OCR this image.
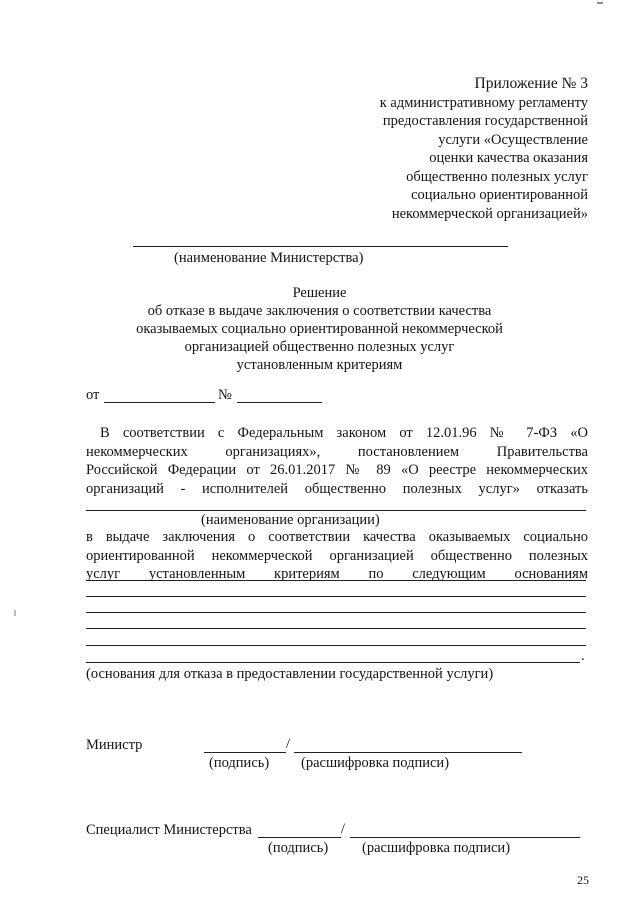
Приложение № 3
к административному регламенту
предоставления государственной
услуги «Осуществление
оценки качества оказания
общественно полезных услуг
социально ориентированной
некоммерческой организацией»
(наименование Министерства)
Решение
об отказе в выдаче заключения о соответствии качества
оказываемых социально ориентированной некоммерческой
организацией общественно полезных услуг
установленным критериям
от	№
В соответствии с Федеральным законом от 12.01.96 № 7-ФЗ «О
некоммерческих организациях», постановлением Правительства
Российской Федерации от 26.01.2017 № 89 «О реестре некоммерческих
организаций - исполнителей общественно полезных услуг» отказать
(наименование организации)
в выдаче заключения о соответствии качества оказываемых социально
ориентированной некоммерческой организацией общественно полезных
услуг установленным критериям по следующим основаниям
.
(основания для отказа в предоставлении государственной услуги)
Министр	/
(подпись) (расшифровка подписи)
Специалист Министерства	/
(подпись) (расшифровка подписи)
25
